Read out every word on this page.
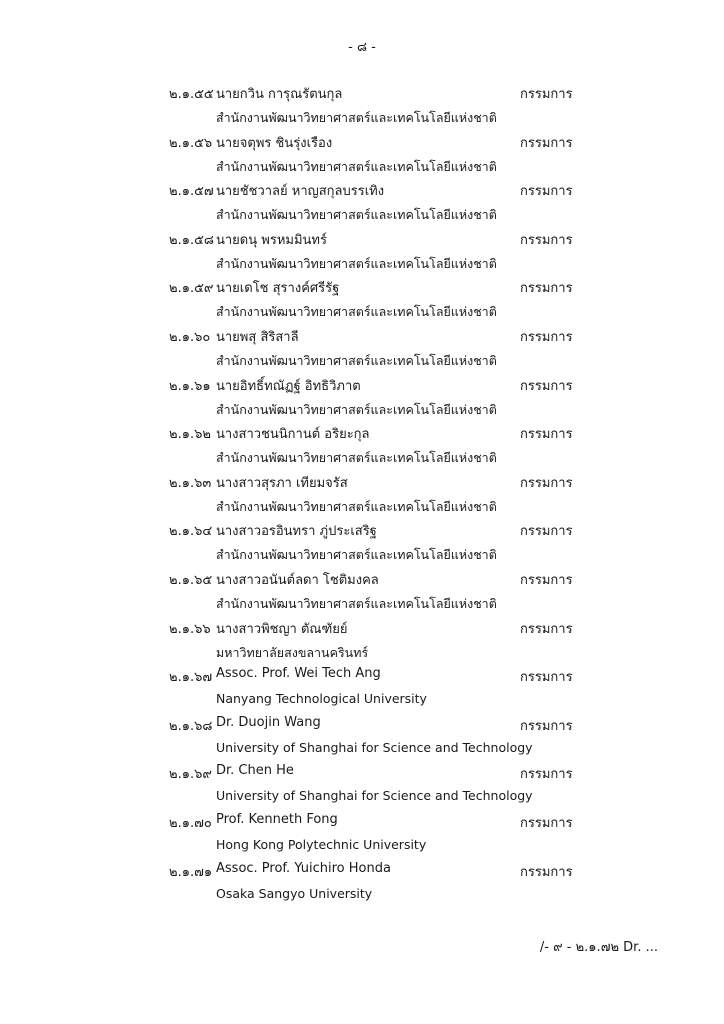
- ๘ -
๒.๑.๕๕ นายกวิน การุณรัตนกุล	กรรมการ
สำนักงานพัฒนาวิทยาศาสตร์และเทคโนโลยีแห่งชาติ
๒.๑.๕๖ นายจตุพร ชินรุ่งเรือง	กรรมการ
สำนักงานพัฒนาวิทยาศาสตร์และเทคโนโลยีแห่งชาติ
๒.๑.๕๗ นายชัชวาลย์ หาญสกุลบรรเทิง	กรรมการ
สำนักงานพัฒนาวิทยาศาสตร์และเทคโนโลยีแห่งชาติ
๒.๑.๕๘ นายดนุ พรหมมินทร์	กรรมการ
สำนักงานพัฒนาวิทยาศาสตร์และเทคโนโลยีแห่งชาติ
๒.๑.๕๙ นายเดโช สุรางค์ศรีรัฐ	กรรมการ
สำนักงานพัฒนาวิทยาศาสตร์และเทคโนโลยีแห่งชาติ
๒.๑.๖๐ นายพสุ สิริสาลี	กรรมการ
สำนักงานพัฒนาวิทยาศาสตร์และเทคโนโลยีแห่งชาติ
๒.๑.๖๑ นายอิทธิ์ทณัฏฐ์ อิทธิวิภาต	กรรมการ
สำนักงานพัฒนาวิทยาศาสตร์และเทคโนโลยีแห่งชาติ
๒.๑.๖๒ นางสาวชนนิกานต์ อริยะกุล	กรรมการ
สำนักงานพัฒนาวิทยาศาสตร์และเทคโนโลยีแห่งชาติ
๒.๑.๖๓ นางสาวสุรภา เทียมจรัส	กรรมการ
สำนักงานพัฒนาวิทยาศาสตร์และเทคโนโลยีแห่งชาติ
๒.๑.๖๔ นางสาวอรอินทรา ภู่ประเสริฐ	กรรมการ
สำนักงานพัฒนาวิทยาศาสตร์และเทคโนโลยีแห่งชาติ
๒.๑.๖๕ นางสาวอนันต์ลดา โชติมงคล	กรรมการ
สำนักงานพัฒนาวิทยาศาสตร์และเทคโนโลยีแห่งชาติ
๒.๑.๖๖ นางสาวพิชญา ตัณฑัยย์	กรรมการ
มหาวิทยาลัยสงขลานครินทร์
๒.๑.๖๗ Assoc. Prof. Wei Tech Ang	กรรมการ
Nanyang Technological University
๒.๑.๖๘ Dr. Duojin Wang	กรรมการ
University of Shanghai for Science and Technology
๒.๑.๖๙ Dr. Chen He	กรรมการ
University of Shanghai for Science and Technology
๒.๑.๗๐ Prof. Kenneth Fong	กรรมการ
Hong Kong Polytechnic University
๒.๑.๗๑ Assoc. Prof. Yuichiro Honda	กรรมการ
Osaka Sangyo University
/- ๙ - ๒.๑.๗๒ Dr. ...
